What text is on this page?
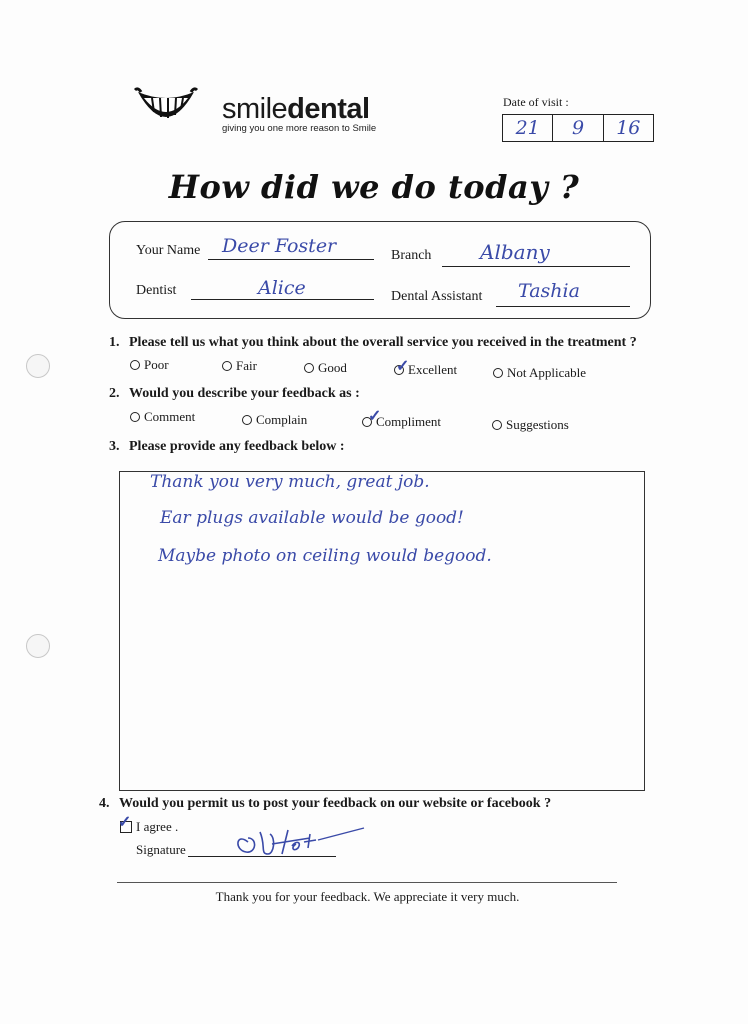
smiledental
giving you one more reason to Smile
Date of visit :
21	9	16
How did we do today ?
Your Name Deer Foster	Branch Albany
Dentist	Alice	Dental Assistant Tashia
1. Please tell us what you think about the overall service you received in the treatment ?
Poor	Fair	Good	Excellent
✓	Not Applicable
2. Would you describe your feedback as :
Comment	Complain	Compliment
✓	Suggestions
3. Please provide any feedback below :
Thank you very much, great job.
Ear plugs available would be good!
Maybe photo on ceiling would begood.
4. Would you permit us to post your feedback on our website or facebook ?
✓ I agree .
Signature
Thank you for your feedback. We appreciate it very much.
